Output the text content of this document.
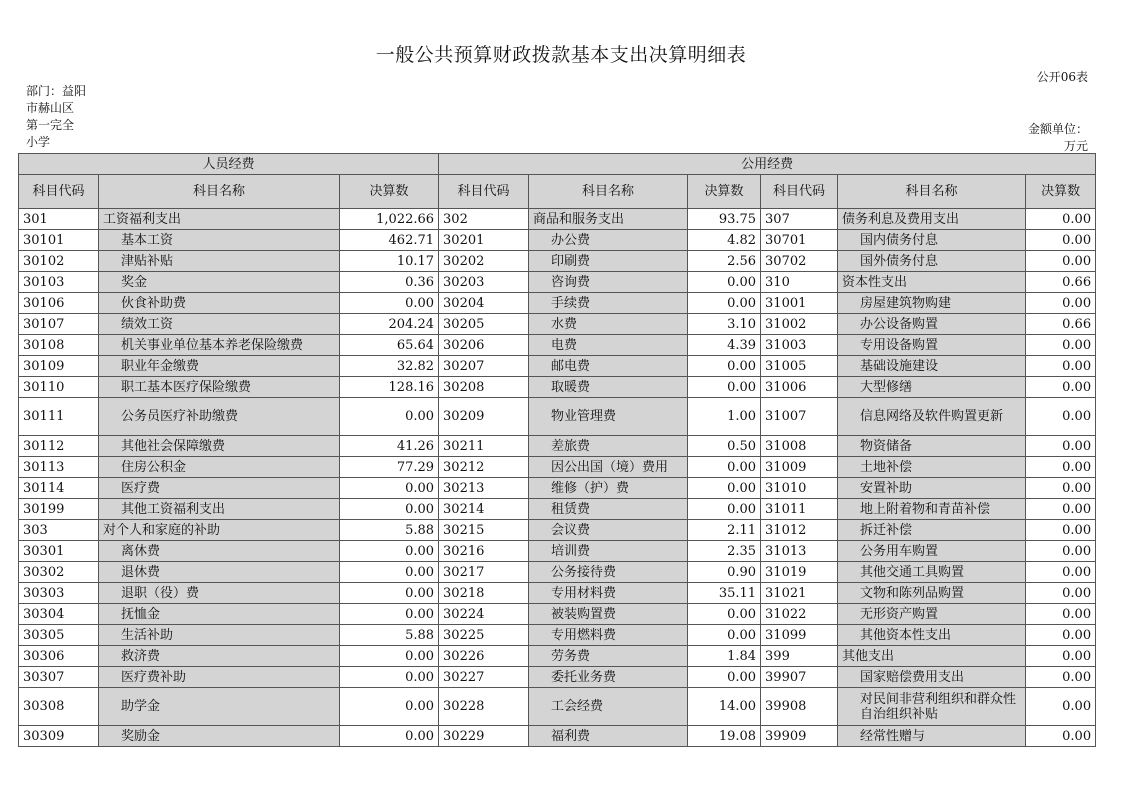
一般公共预算财政拨款基本支出决算明细表
公开06表
部门：益阳
市赫山区
第一完全
小学
金额单位：
万元
人员经费			公用经费					
科目代码	科目名称	决算数	科目代码	科目名称	决算数	科目代码	科目名称	决算数
301	工资福利支出	1,022.66	302	商品和服务支出	93.75	307	债务利息及费用支出	0.00
30101	基本工资	462.71	30201	办公费	4.82	30701	国内债务付息	0.00
30102	津贴补贴	10.17	30202	印刷费	2.56	30702	国外债务付息	0.00
30103	奖金	0.36	30203	咨询费	0.00	310	资本性支出	0.66
30106	伙食补助费	0.00	30204	手续费	0.00	31001	房屋建筑物购建	0.00
30107	绩效工资	204.24	30205	水费	3.10	31002	办公设备购置	0.66
30108	机关事业单位基本养老保险缴费	65.64	30206	电费	4.39	31003	专用设备购置	0.00
30109	职业年金缴费	32.82	30207	邮电费	0.00	31005	基础设施建设	0.00
30110	职工基本医疗保险缴费	128.16	30208	取暖费	0.00	31006	大型修缮	0.00
30111	公务员医疗补助缴费	0.00	30209	物业管理费	1.00	31007	信息网络及软件购置更新	0.00
30112	其他社会保障缴费	41.26	30211	差旅费	0.50	31008	物资储备	0.00
30113	住房公积金	77.29	30212	因公出国（境）费用	0.00	31009	土地补偿	0.00
30114	医疗费	0.00	30213	维修（护）费	0.00	31010	安置补助	0.00
30199	其他工资福利支出	0.00	30214	租赁费	0.00	31011	地上附着物和青苗补偿	0.00
303	对个人和家庭的补助	5.88	30215	会议费	2.11	31012	拆迁补偿	0.00
30301	离休费	0.00	30216	培训费	2.35	31013	公务用车购置	0.00
30302	退休费	0.00	30217	公务接待费	0.90	31019	其他交通工具购置	0.00
30303	退职（役）费	0.00	30218	专用材料费	35.11	31021	文物和陈列品购置	0.00
30304	抚恤金	0.00	30224	被装购置费	0.00	31022	无形资产购置	0.00
30305	生活补助	5.88	30225	专用燃料费	0.00	31099	其他资本性支出	0.00
30306	救济费	0.00	30226	劳务费	1.84	399	其他支出	0.00
30307	医疗费补助	0.00	30227	委托业务费	0.00	39907	国家赔偿费用支出	0.00
30308	助学金	0.00	30228	工会经费	14.00	39908	对民间非营利组织和群众性自治组织补贴	0.00
30309	奖励金	0.00	30229	福利费	19.08	39909	经常性赠与	0.00
